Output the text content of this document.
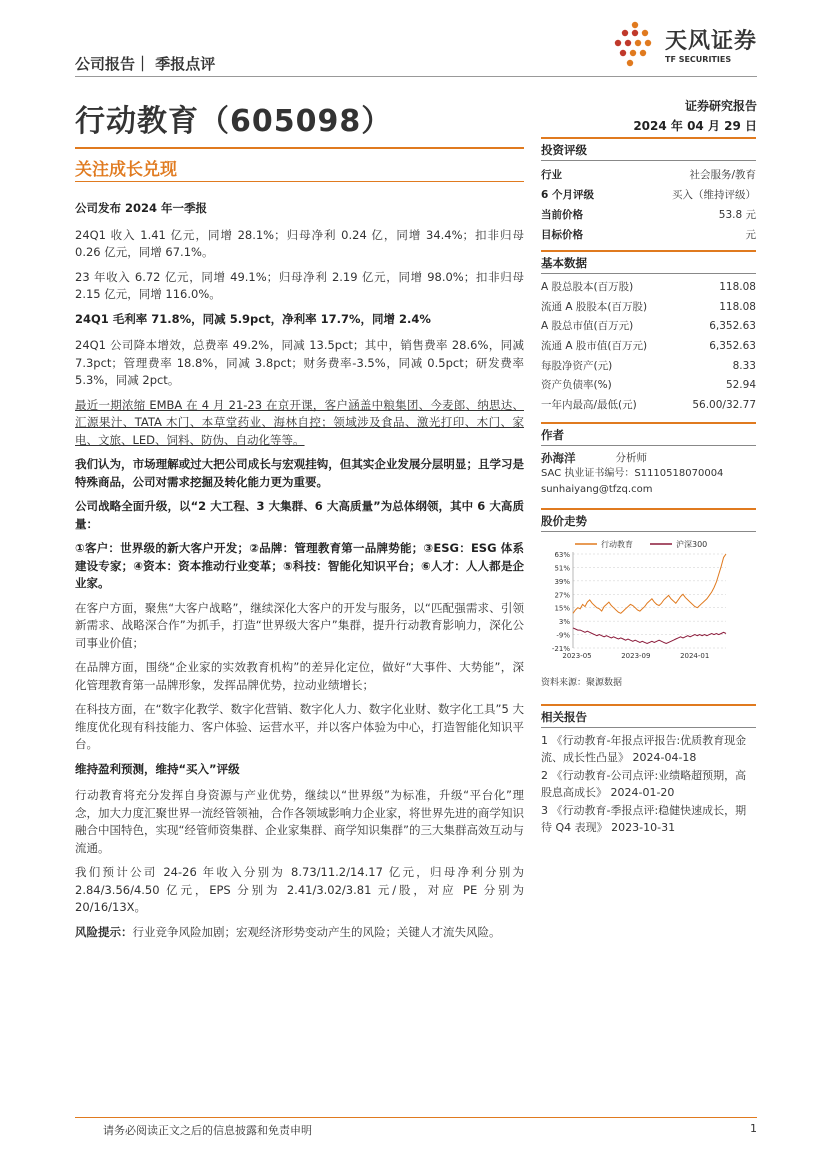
公司报告｜ 季报点评
天风证券
TF SECURITIES
行动教育（605098）	证券研究报告
2024 年 04 月 29 日
关注成长兑现

公司发布 2024 年一季报

24Q1 收入 1.41 亿元，同增 28.1%；归母净利 0.24 亿，同增 34.4%；扣非归母 0.26 亿元，同增 67.1%。

23 年收入 6.72 亿元，同增 49.1%；归母净利 2.19 亿元，同增 98.0%；扣非归母 2.15 亿元，同增 116.0%。

24Q1 毛利率 71.8%，同减 5.9pct，净利率 17.7%，同增 2.4%

24Q1 公司降本增效，总费率 49.2%，同减 13.5pct；其中，销售费率 28.6%，同减 7.3pct；管理费率 18.8%，同减 3.8pct；财务费率-3.5%，同减 0.5pct；研发费率 5.3%，同减 2pct。

最近一期浓缩 EMBA 在 4 月 21-23 在京开课，客户涵盖中粮集团、今麦郎、纳思达、汇源果汁、TATA 木门、本草堂药业、海林自控；领域涉及食品、激光打印、木门、家电、文旅、LED、饲料、防伪、自动化等等。

我们认为，市场理解或过大把公司成长与宏观挂钩，但其实企业发展分层明显；且学习是特殊商品，公司对需求挖掘及转化能力更为重要。

公司战略全面升级，以“2 大工程、3 大集群、6 大高质量”为总体纲领，其中 6 大高质量：

①客户：世界级的新大客户开发；②品牌：管理教育第一品牌势能；③ESG：ESG 体系建设专家；④资本：资本推动行业变革；⑤科技：智能化知识平台；⑥人才：人人都是企业家。

在客户方面，聚焦“大客户战略”，继续深化大客户的开发与服务，以“匹配强需求、引领新需求、战略深合作”为抓手，打造“世界级大客户”集群，提升行动教育影响力，深化公司事业价值；

在品牌方面，围绕“企业家的实效教育机构”的差异化定位，做好“大事件、大势能”，深化管理教育第一品牌形象，发挥品牌优势，拉动业绩增长；

在科技方面，在“数字化教学、数字化营销、数字化人力、数字化业财、数字化工具”5 大维度优化现有科技能力、客户体验、运营水平，并以客户体验为中心，打造智能化知识平台。

维持盈利预测，维持“买入”评级

行动教育将充分发挥自身资源与产业优势，继续以“世界级”为标准，升级“平台化”理念，加大力度汇聚世界一流经管领袖，合作各领域影响力企业家，将世界先进的商学知识融合中国特色，实现“经管师资集群、企业家集群、商学知识集群”的三大集群高效互动与流通。

我们预计公司 24-26 年收入分别为 8.73/11.2/14.17 亿元，归母净利分别为 2.84/3.56/4.50 亿元，EPS 分别为 2.41/3.02/3.81 元/股，对应 PE 分别为 20/16/13X。

风险提示：行业竞争风险加剧；宏观经济形势变动产生的风险；关键人才流失风险。

投资评级
行业	社会服务/教育
6 个月评级	买入（维持评级）
当前价格	53.8 元
目标价格	元
基本数据
A 股总股本(百万股)	118.08
流通 A 股股本(百万股)	118.08
A 股总市值(百万元)	6,352.63
流通 A 股市值(百万元)	6,352.63
每股净资产(元)	8.33
资产负债率(%)	52.94
一年内最高/最低(元)	56.00/32.77
作者
孙海洋	分析师
SAC 执业证书编号：S1110518070004
sunhaiyang@tfzq.com
股价走势
行动教育	沪深300
63%
51%
39%
27%
15%
3%
-9%
-21%
2023-05	2023-09	2024-01
资料来源：聚源数据
相关报告

1 《行动教育-年报点评报告:优质教育现金流、成长性凸显》 2024-04-18

2 《行动教育-公司点评:业绩略超预期，高股息高成长》 2024-01-20

3 《行动教育-季报点评:稳健快速成长，期待 Q4 表现》 2023-10-31

请务必阅读正文之后的信息披露和免责申明	1
